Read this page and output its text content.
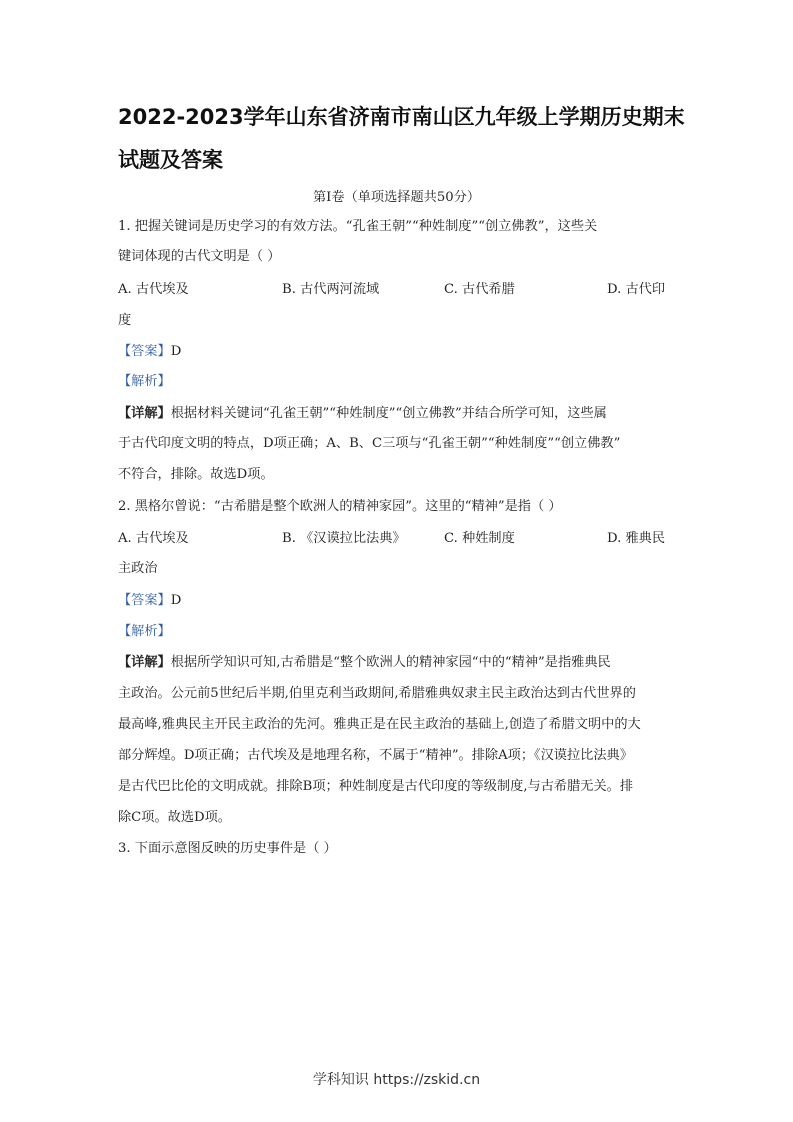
2022-2023学年山东省济南市南山区九年级上学期历史期末
试题及答案
第Ⅰ卷（单项选择题共50分）
1. 把握关键词是历史学习的有效方法。“孔雀王朝”“种姓制度”“创立佛教”，这些关
键词体现的古代文明是（ ）
A. 古代埃及	B. 古代两河流域	C. 古代希腊	D. 古代印
度
【答案】D
【解析】
【详解】根据材料关键词“孔雀王朝”“种姓制度”“创立佛教”并结合所学可知，这些属
于古代印度文明的特点，D项正确；A、B、C三项与“孔雀王朝”“种姓制度”“创立佛教”
不符合，排除。故选D项。
2. 黑格尔曾说：“古希腊是整个欧洲人的精神家园”。这里的“精神”是指（ ）
A. 古代埃及	B. 《汉谟拉比法典》	C. 种姓制度	D. 雅典民
主政治
【答案】D
【解析】
【详解】根据所学知识可知,古希腊是“整个欧洲人的精神家园“中的“精神”是指雅典民
主政治。公元前5世纪后半期,伯里克利当政期间,希腊雅典奴隶主民主政治达到古代世界的
最高峰,雅典民主开民主政治的先河。雅典正是在民主政治的基础上,创造了希腊文明中的大
部分辉煌。D项正确；古代埃及是地理名称，不属于“精神”。排除A项；《汉谟拉比法典》
是古代巴比伦的文明成就。排除B项；种姓制度是古代印度的等级制度,与古希腊无关。排
除C项。故选D项。
3. 下面示意图反映的历史事件是（ ）
学科知识 https://zskid.cn
